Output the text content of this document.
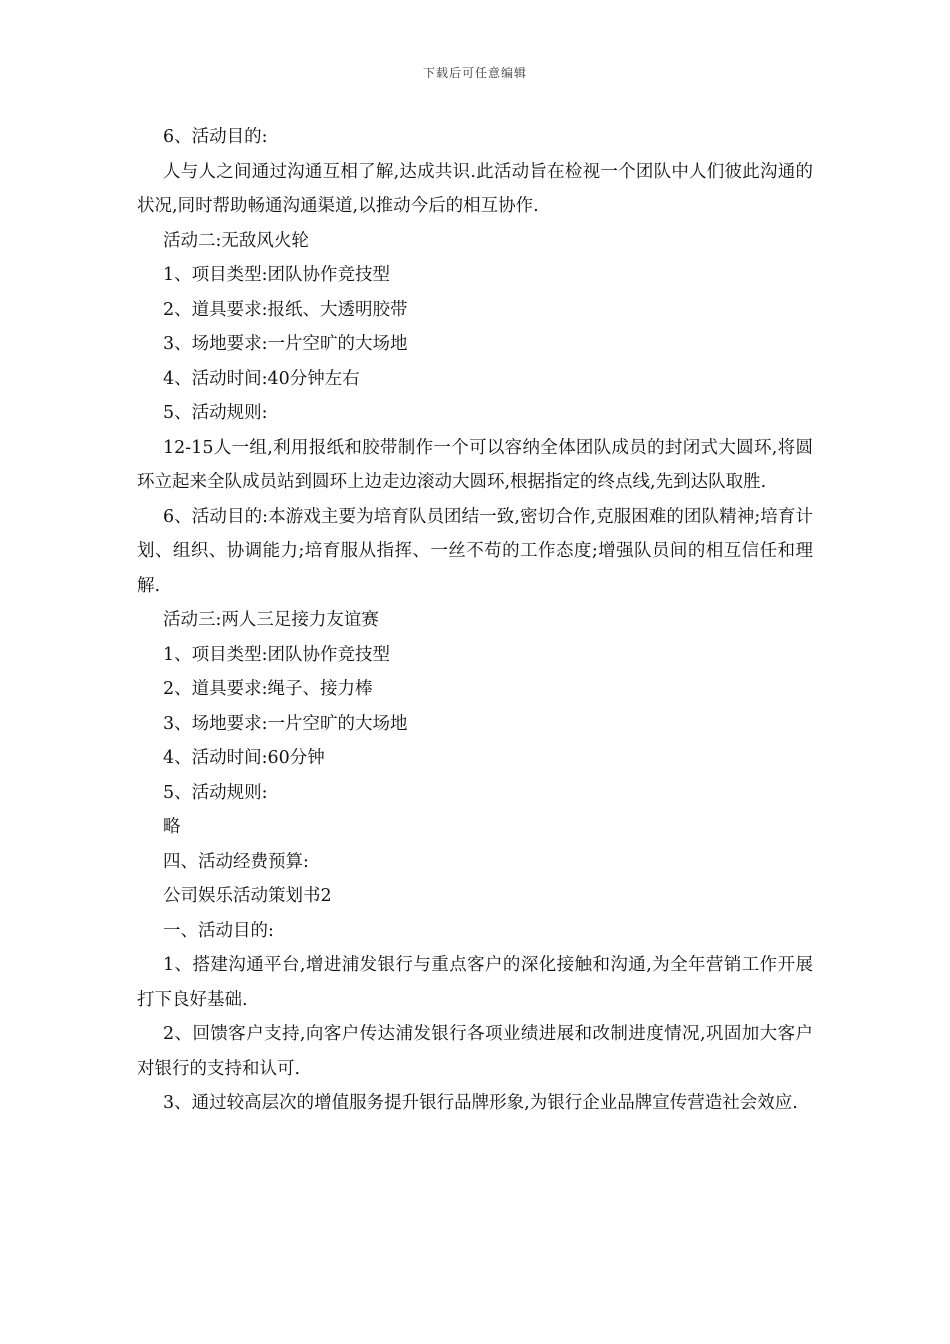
下载后可任意编辑

6、活动目的:

人与人之间通过沟通互相了解,达成共识.此活动旨在检视一个团队中人们彼此沟通的状况,同时帮助畅通沟通渠道,以推动今后的相互协作.

活动二:无敌风火轮

1、项目类型:团队协作竞技型

2、道具要求:报纸、大透明胶带

3、场地要求:一片空旷的大场地

4、活动时间:40分钟左右

5、活动规则:

12-15人一组,利用报纸和胶带制作一个可以容纳全体团队成员的封闭式大圆环,将圆环立起来全队成员站到圆环上边走边滚动大圆环,根据指定的终点线,先到达队取胜.

6、活动目的:本游戏主要为培育队员团结一致,密切合作,克服困难的团队精神;培育计划、组织、协调能力;培育服从指挥、一丝不苟的工作态度;增强队员间的相互信任和理解.

活动三:两人三足接力友谊赛

1、项目类型:团队协作竞技型

2、道具要求:绳子、接力棒

3、场地要求:一片空旷的大场地

4、活动时间:60分钟

5、活动规则:

略

四、活动经费预算:

公司娱乐活动策划书2

一、活动目的:

1、搭建沟通平台,增进浦发银行与重点客户的深化接触和沟通,为全年营销工作开展打下良好基础.

2、回馈客户支持,向客户传达浦发银行各项业绩进展和改制进度情况,巩固加大客户对银行的支持和认可.

3、通过较高层次的增值服务提升银行品牌形象,为银行企业品牌宣传营造社会效应.
